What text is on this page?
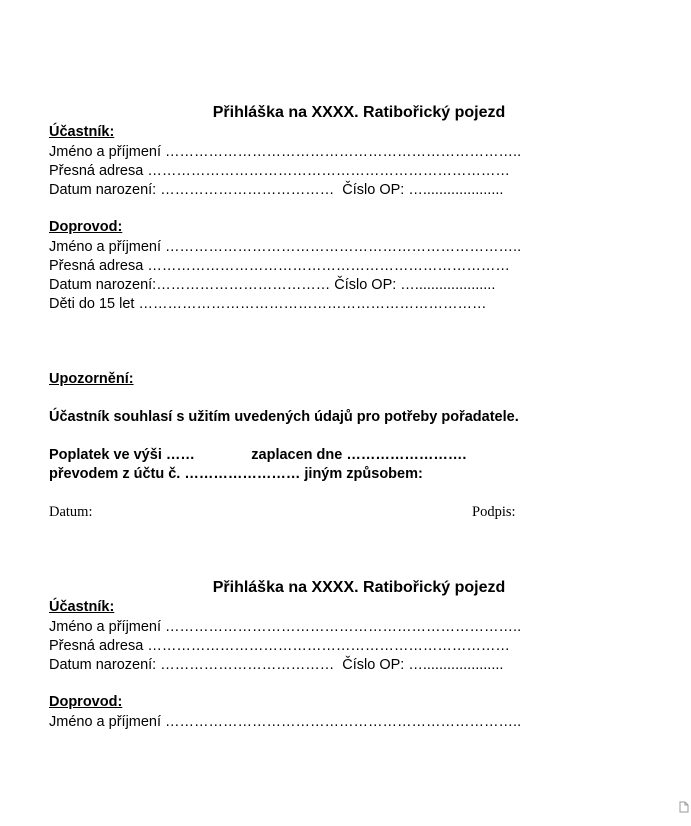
Přihláška na XXXX. Ratibořický pojezd
Účastník:
Jméno a příjmení ………………………………………………………………..
Přesná adresa …………………………………………………………………
Datum narození: ………………………………  Číslo OP: …....................
Doprovod:
Jméno a příjmení ………………………………………………………………..
Přesná adresa …………………………………………………………………
Datum narození:……………………………… Číslo OP: …....................
Děti do 15 let ………………………………………………………………
Upozornění:
Účastník souhlasí s užitím uvedených údajů pro potřeby pořadatele.
Poplatek ve výši ……              zaplacen dne …………………….
převodem z účtu č. …………………… jiným způsobem:
Datum:	Podpis:
Přihláška na XXXX. Ratibořický pojezd
Účastník:
Jméno a příjmení ………………………………………………………………..
Přesná adresa …………………………………………………………………
Datum narození: ………………………………  Číslo OP: …....................
Doprovod:
Jméno a příjmení ………………………………………………………………..
